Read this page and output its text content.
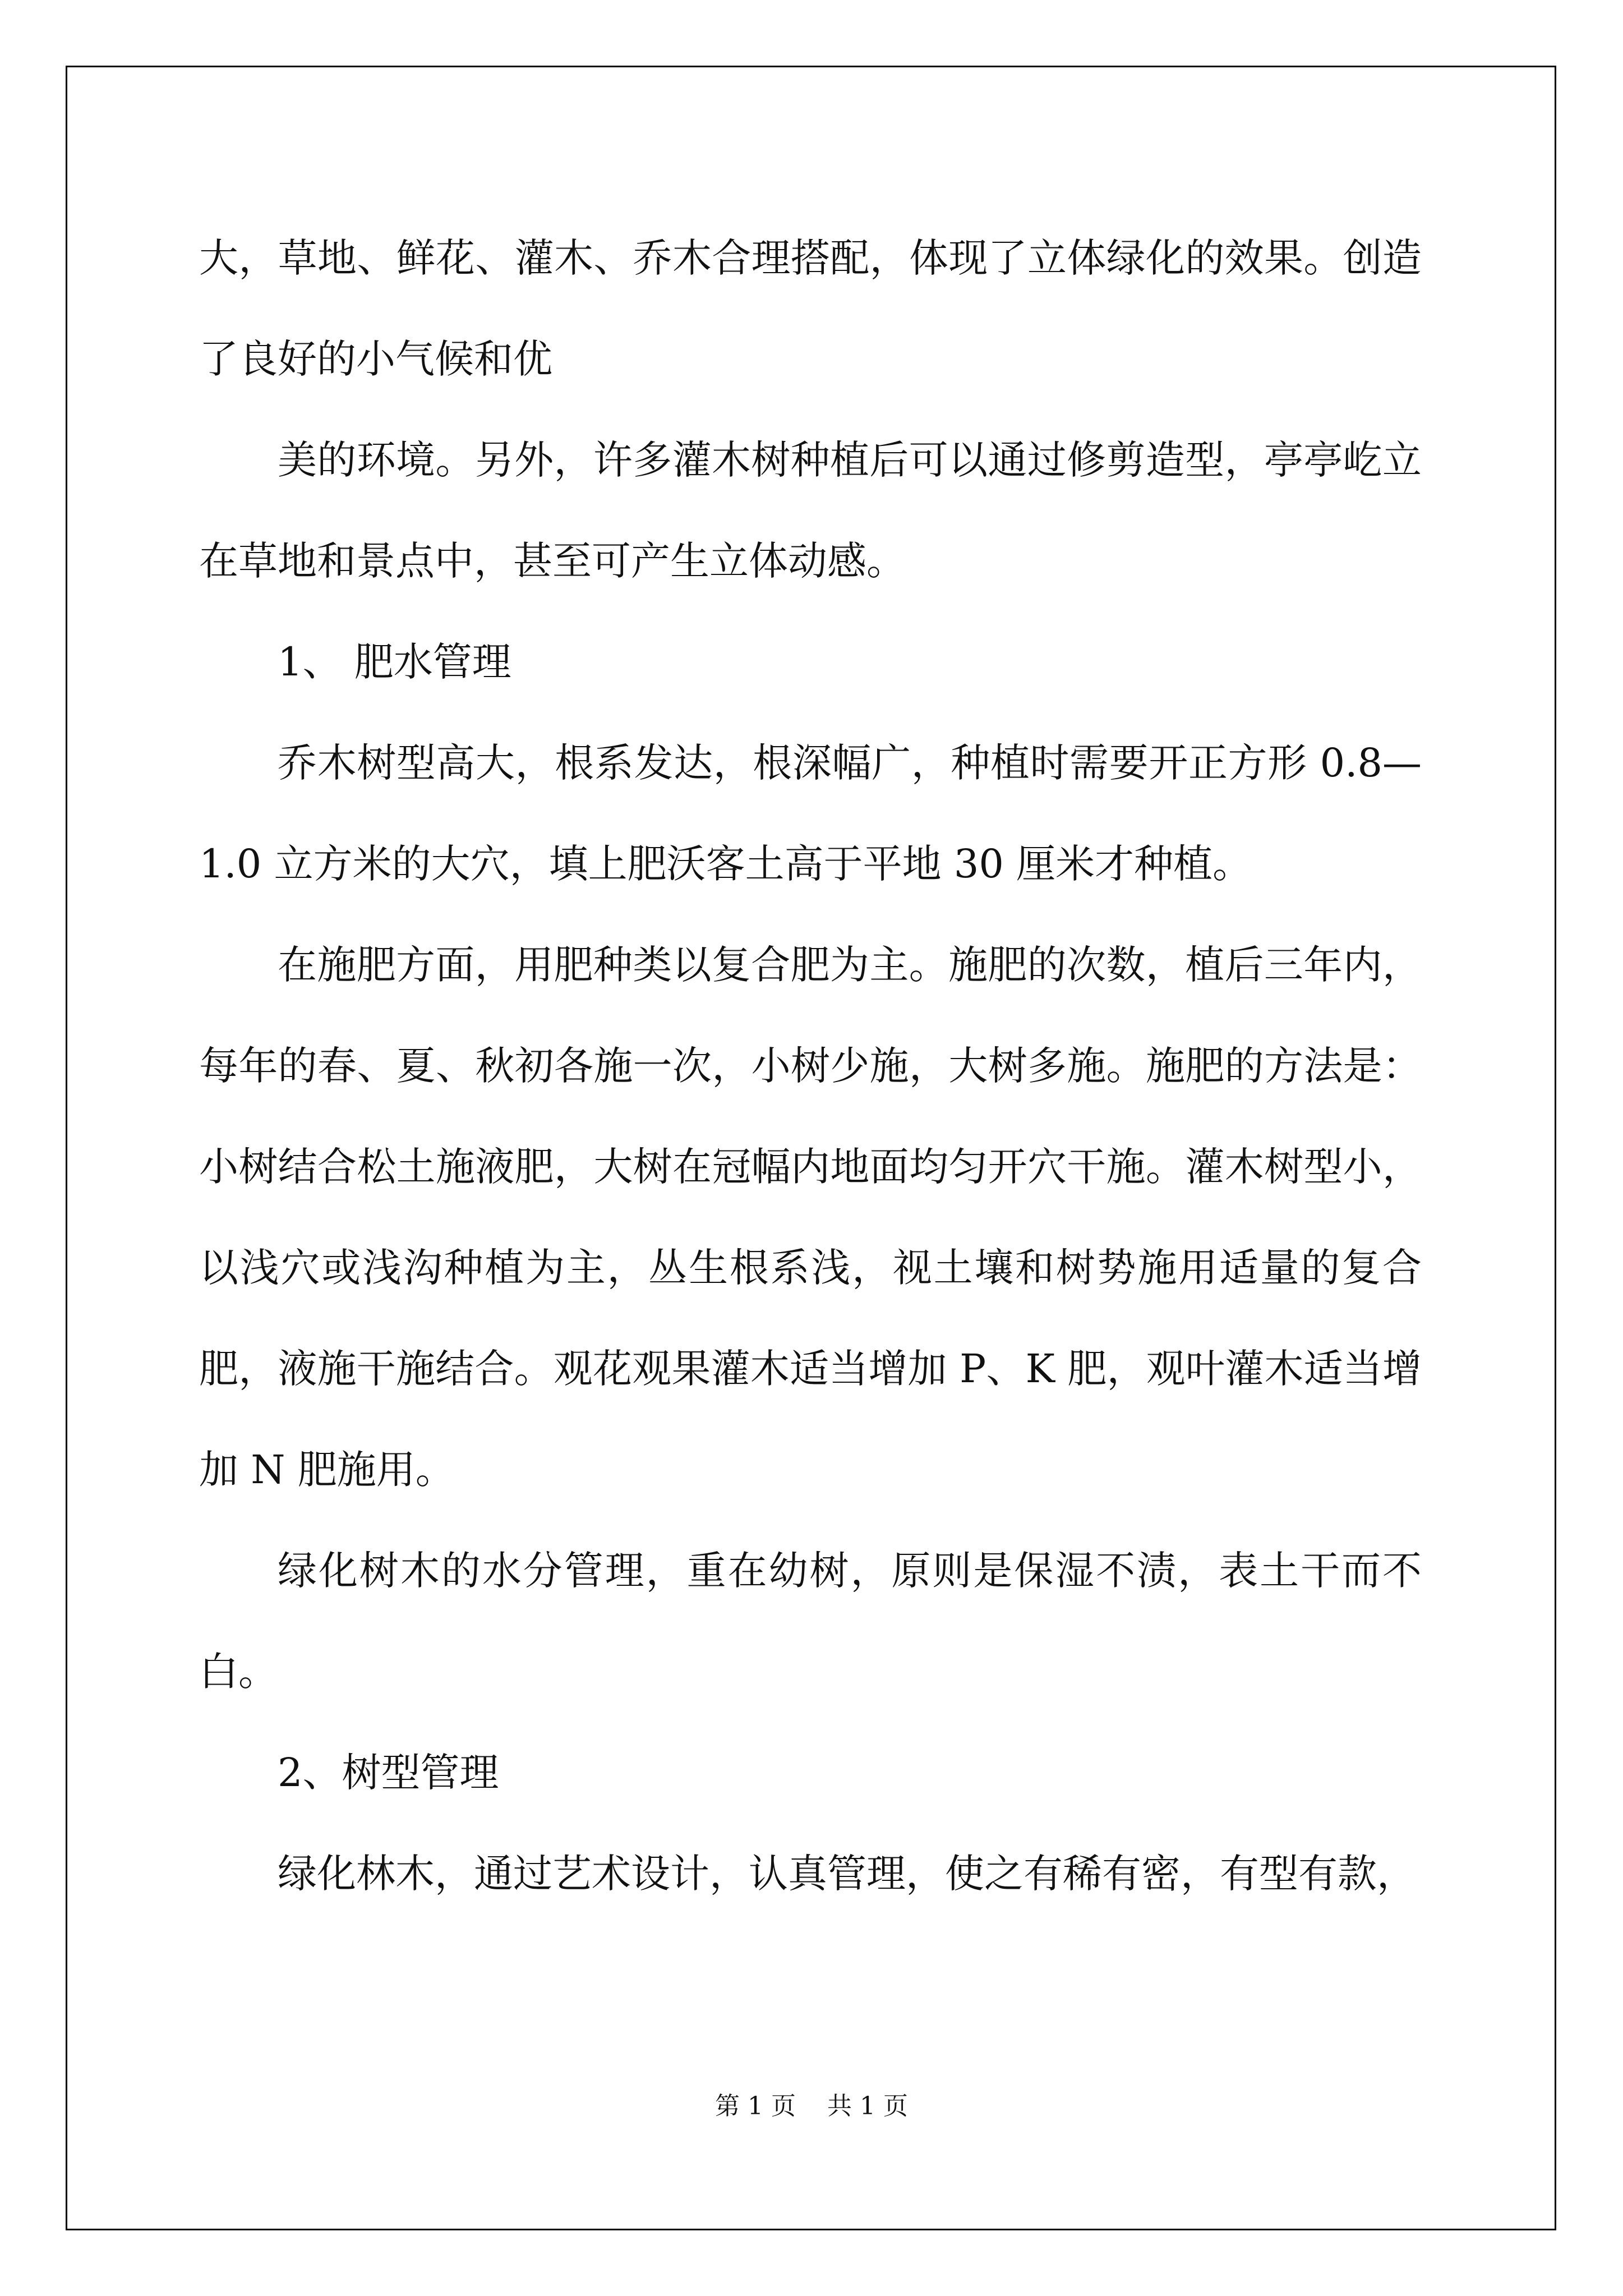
大，草地、鲜花、灌木、乔木合理搭配，体现了立体绿化的效果。创造了良好的小气候和优

美的环境。另外，许多灌木树种植后可以通过修剪造型，亭亭屹立在草地和景点中，甚至可产生立体动感。

1、 肥水管理

乔木树型高大，根系发达，根深幅广，种植时需要开正方形 0.8—1.0 立方米的大穴，填上肥沃客土高于平地 30 厘米才种植。

在施肥方面，用肥种类以复合肥为主。施肥的次数，植后三年内，每年的春、夏、秋初各施一次，小树少施，大树多施。施肥的方法是：小树结合松土施液肥，大树在冠幅内地面均匀开穴干施。灌木树型小，以浅穴或浅沟种植为主，丛生根系浅，视土壤和树势施用适量的复合肥，液施干施结合。观花观果灌木适当增加 P、K 肥，观叶灌木适当增加 N 肥施用。

绿化树木的水分管理，重在幼树，原则是保湿不渍，表土干而不白。

2、树型管理

绿化林木，通过艺术设计，认真管理，使之有稀有密，有型有款，

第 1 页 共 1 页
